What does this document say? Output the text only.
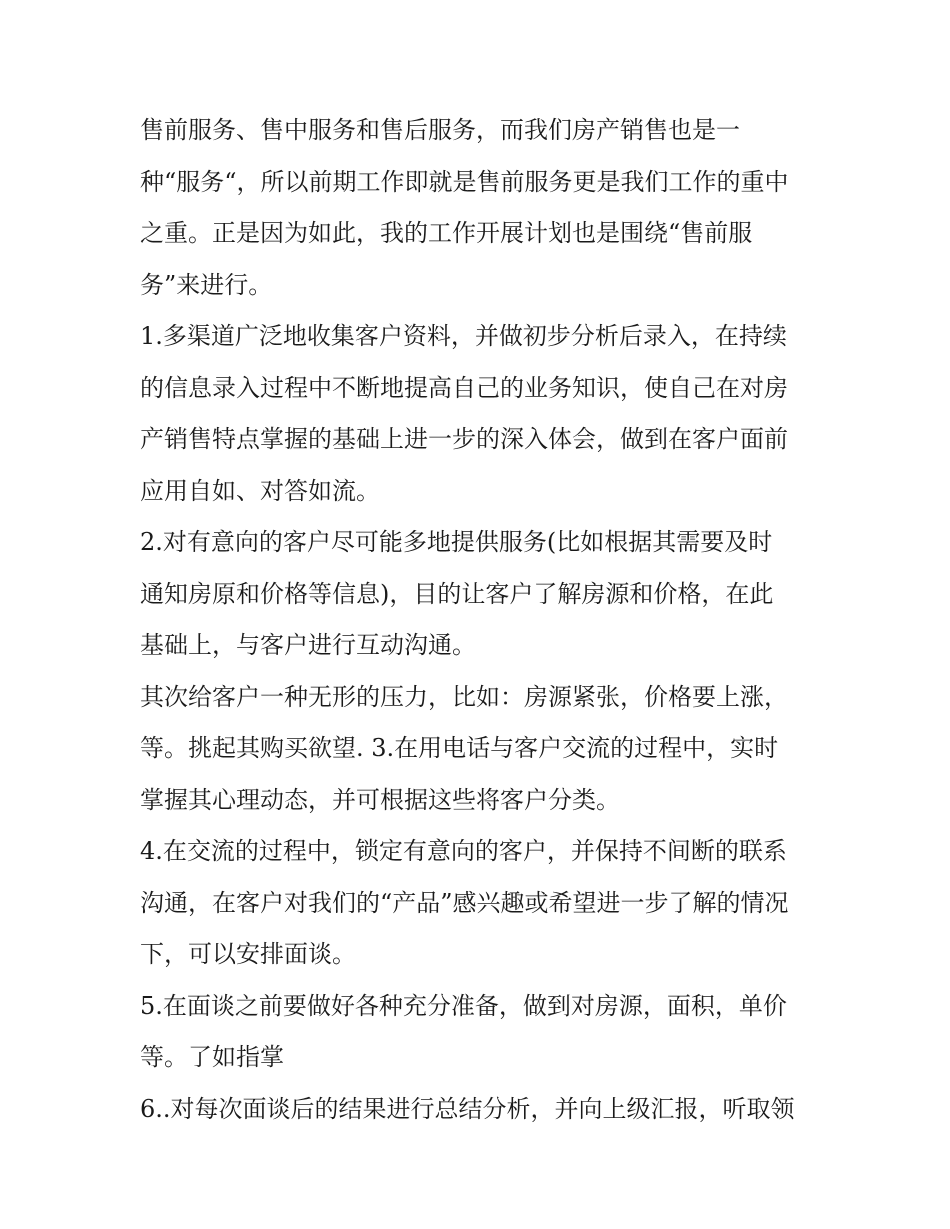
售前服务、售中服务和售后服务，而我们房产销售也是一
种“服务“，所以前期工作即就是售前服务更是我们工作的重中
之重。正是因为如此，我的工作开展计划也是围绕“售前服
务”来进行。
1.多渠道广泛地收集客户资料，并做初步分析后录入，在持续
的信息录入过程中不断地提高自己的业务知识，使自己在对房
产销售特点掌握的基础上进一步的深入体会，做到在客户面前
应用自如、对答如流。
2.对有意向的客户尽可能多地提供服务(比如根据其需要及时
通知房原和价格等信息)，目的让客户了解房源和价格，在此
基础上，与客户进行互动沟通。
其次给客户一种无形的压力，比如：房源紧张，价格要上涨，
等。挑起其购买欲望. 3.在用电话与客户交流的过程中，实时
掌握其心理动态，并可根据这些将客户分类。
4.在交流的过程中，锁定有意向的客户，并保持不间断的联系
沟通，在客户对我们的“产品”感兴趣或希望进一步了解的情况
下，可以安排面谈。
5.在面谈之前要做好各种充分准备，做到对房源，面积，单价
等。了如指掌
6..对每次面谈后的结果进行总结分析，并向上级汇报，听取领
